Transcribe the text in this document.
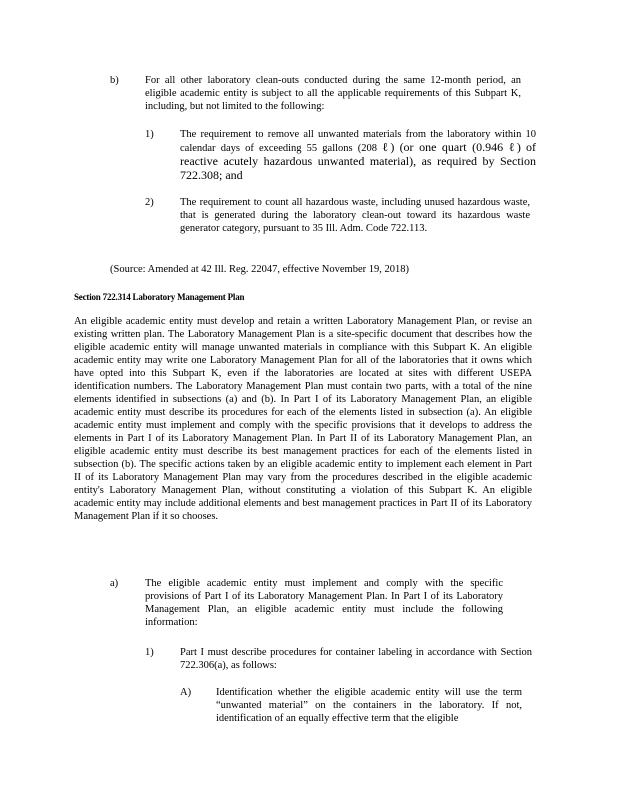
b)	For all other laboratory clean-outs conducted during the same 12-month period, an eligible academic entity is subject to all the applicable requirements of this Subpart K, including, but not limited to the following:

1)	The requirement to remove all unwanted materials from the laboratory within 10 calendar days of exceeding 55 gallons (208 ℓ) (or one quart (0.946 ℓ) of reactive acutely hazardous unwanted material), as required by Section 722.308; and

2)	The requirement to count all hazardous waste, including unused hazardous waste, that is generated during the laboratory clean-out toward its hazardous waste generator category, pursuant to 35 Ill. Adm. Code 722.113.

(Source: Amended at 42 Ill. Reg. 22047, effective November 19, 2018)

Section 722.314 Laboratory Management Plan

An eligible academic entity must develop and retain a written Laboratory Management Plan, or revise an existing written plan. The Laboratory Management Plan is a site-specific document that describes how the eligible academic entity will manage unwanted materials in compliance with this Subpart K. An eligible academic entity may write one Laboratory Management Plan for all of the laboratories that it owns which have opted into this Subpart K, even if the laboratories are located at sites with different USEPA identification numbers. The Laboratory Management Plan must contain two parts, with a total of the nine elements identified in subsections (a) and (b). In Part I of its Laboratory Management Plan, an eligible academic entity must describe its procedures for each of the elements listed in subsection (a). An eligible academic entity must implement and comply with the specific provisions that it develops to address the elements in Part I of its Laboratory Management Plan. In Part II of its Laboratory Management Plan, an eligible academic entity must describe its best management practices for each of the elements listed in subsection (b). The specific actions taken by an eligible academic entity to implement each element in Part II of its Laboratory Management Plan may vary from the procedures described in the eligible academic entity's Laboratory Management Plan, without constituting a violation of this Subpart K. An eligible academic entity may include additional elements and best management practices in Part II of its Laboratory Management Plan if it so chooses.

a)	The eligible academic entity must implement and comply with the specific provisions of Part I of its Laboratory Management Plan. In Part I of its Laboratory Management Plan, an eligible academic entity must include the following information:

1)	Part I must describe procedures for container labeling in accordance with Section 722.306(a), as follows:

A) Identification whether the eligible academic entity will use the term “unwanted material” on the containers in the laboratory. If not, identification of an equally effective term that the eligible
